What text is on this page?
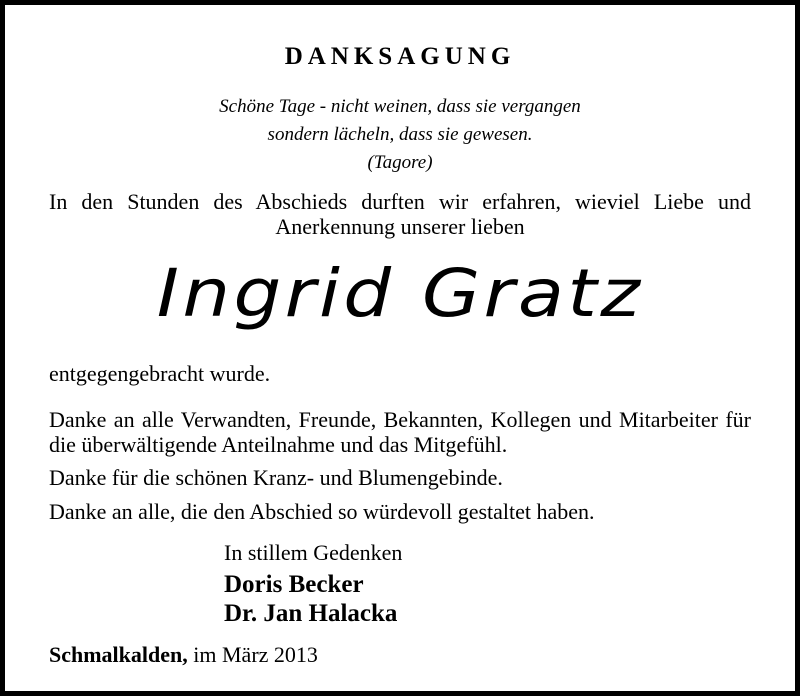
DANKSAGUNG
Schöne Tage - nicht weinen, dass sie vergangen
sondern lächeln, dass sie gewesen.
(Tagore)
In den Stunden des Abschieds durften wir erfahren, wieviel Liebe und Anerkennung unserer lieben
Ingrid Gratz
entgegengebracht wurde.
Danke an alle Verwandten, Freunde, Bekannten, Kollegen und Mitarbeiter für die überwältigende Anteilnahme und das Mitgefühl.
Danke für die schönen Kranz- und Blumengebinde.
Danke an alle, die den Abschied so würdevoll gestaltet haben.
In stillem Gedenken
Doris Becker
Dr. Jan Halacka
Schmalkalden, im März 2013
